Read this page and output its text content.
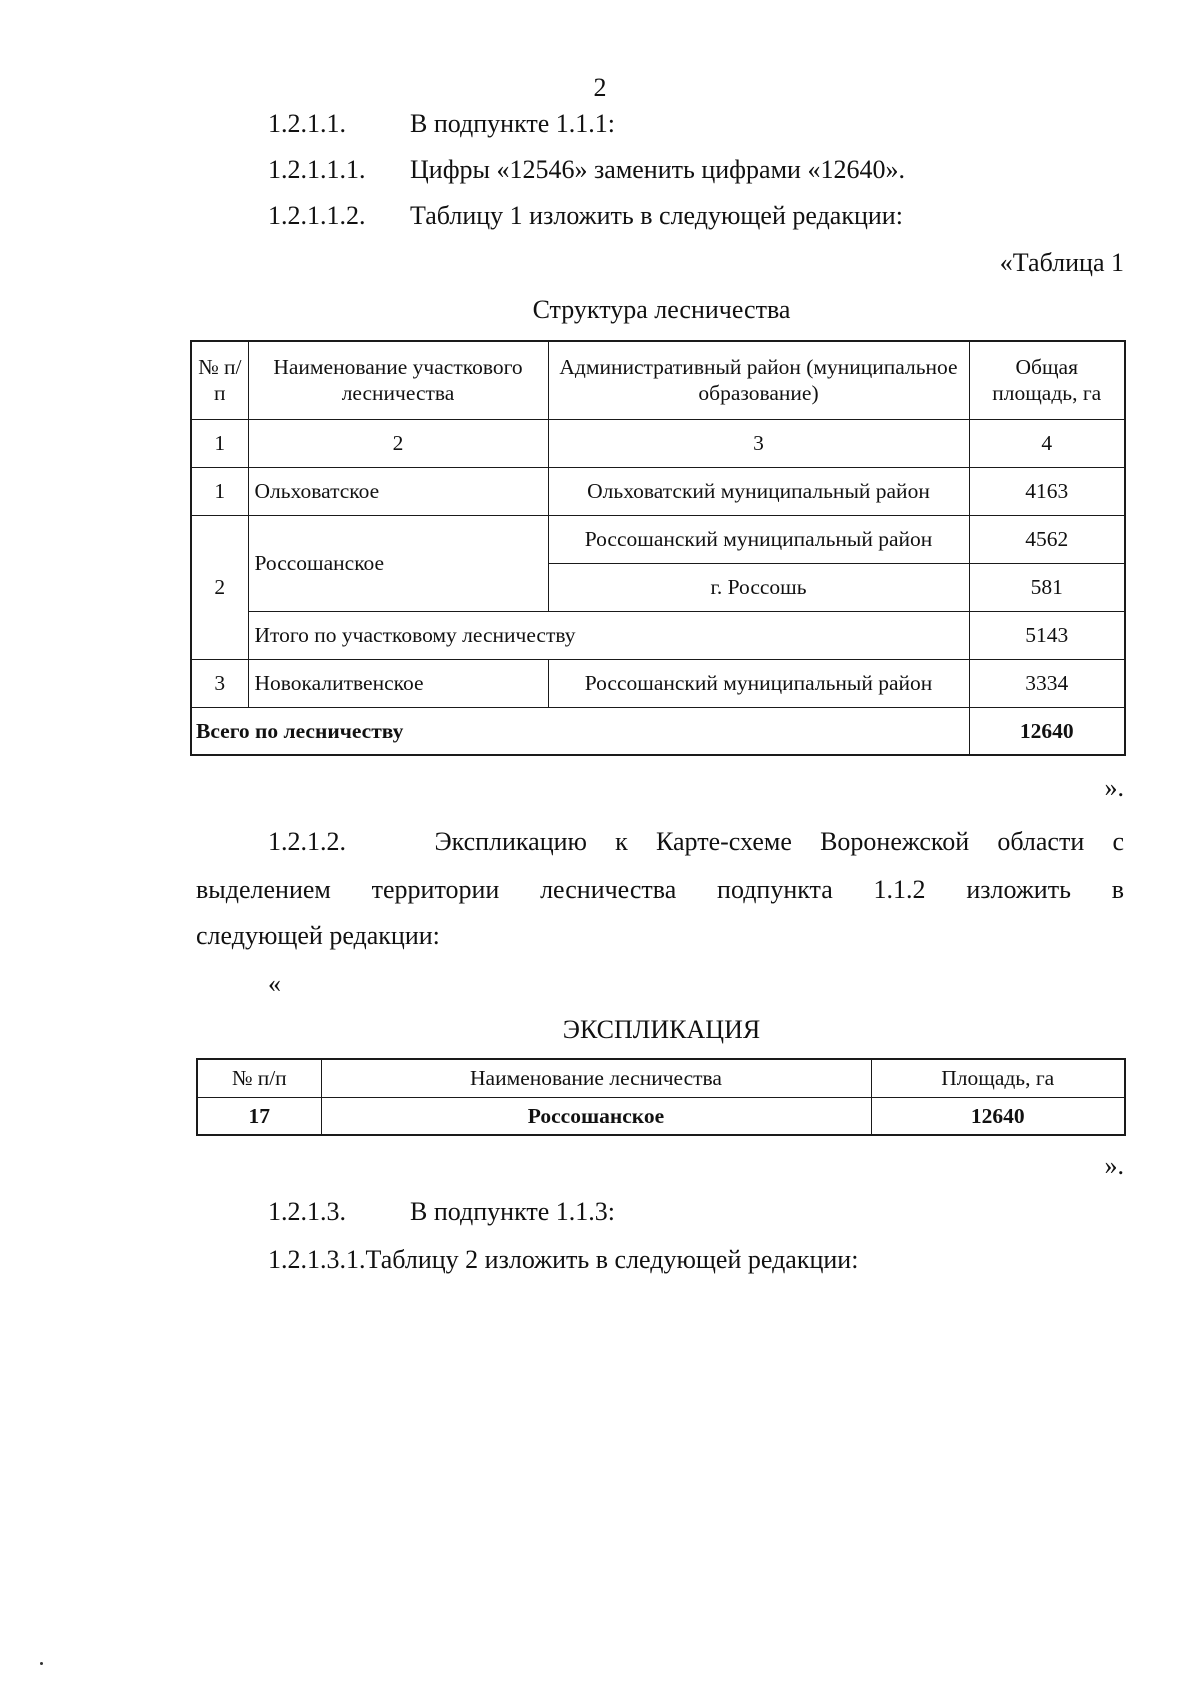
2
1.2.1.1. В подпункте 1.1.1:
1.2.1.1.1. Цифры «12546» заменить цифрами «12640».
1.2.1.1.2. Таблицу 1 изложить в следующей редакции:
«Таблица 1
Структура лесничества
№ п/п	Наименование участкового лесничества	Административный район (муниципальное образование)	Общая площадь, га
1	2	3	4
1	Ольховатское	Ольховатский муниципальный район	4163
2	Россошанское	Россошанский муниципальный район	4562
		г. Россошь	581
	Итого по участковому лесничеству		5143
3	Новокалитвенское	Россошанский муниципальный район	3334
Всего по лесничеству			12640
».
1.2.1.2.	Экспликацию к Карте-схеме Воронежской области с
выделением территории лесничества подпункта 1.1.2 изложить в
следующей редакции:
«
ЭКСПЛИКАЦИЯ
№ п/п	Наименование лесничества	Площадь, га
17	Россошанское	12640
».
1.2.1.3. В подпункте 1.1.3:
1.2.1.3.1.Таблицу 2 изложить в следующей редакции:
